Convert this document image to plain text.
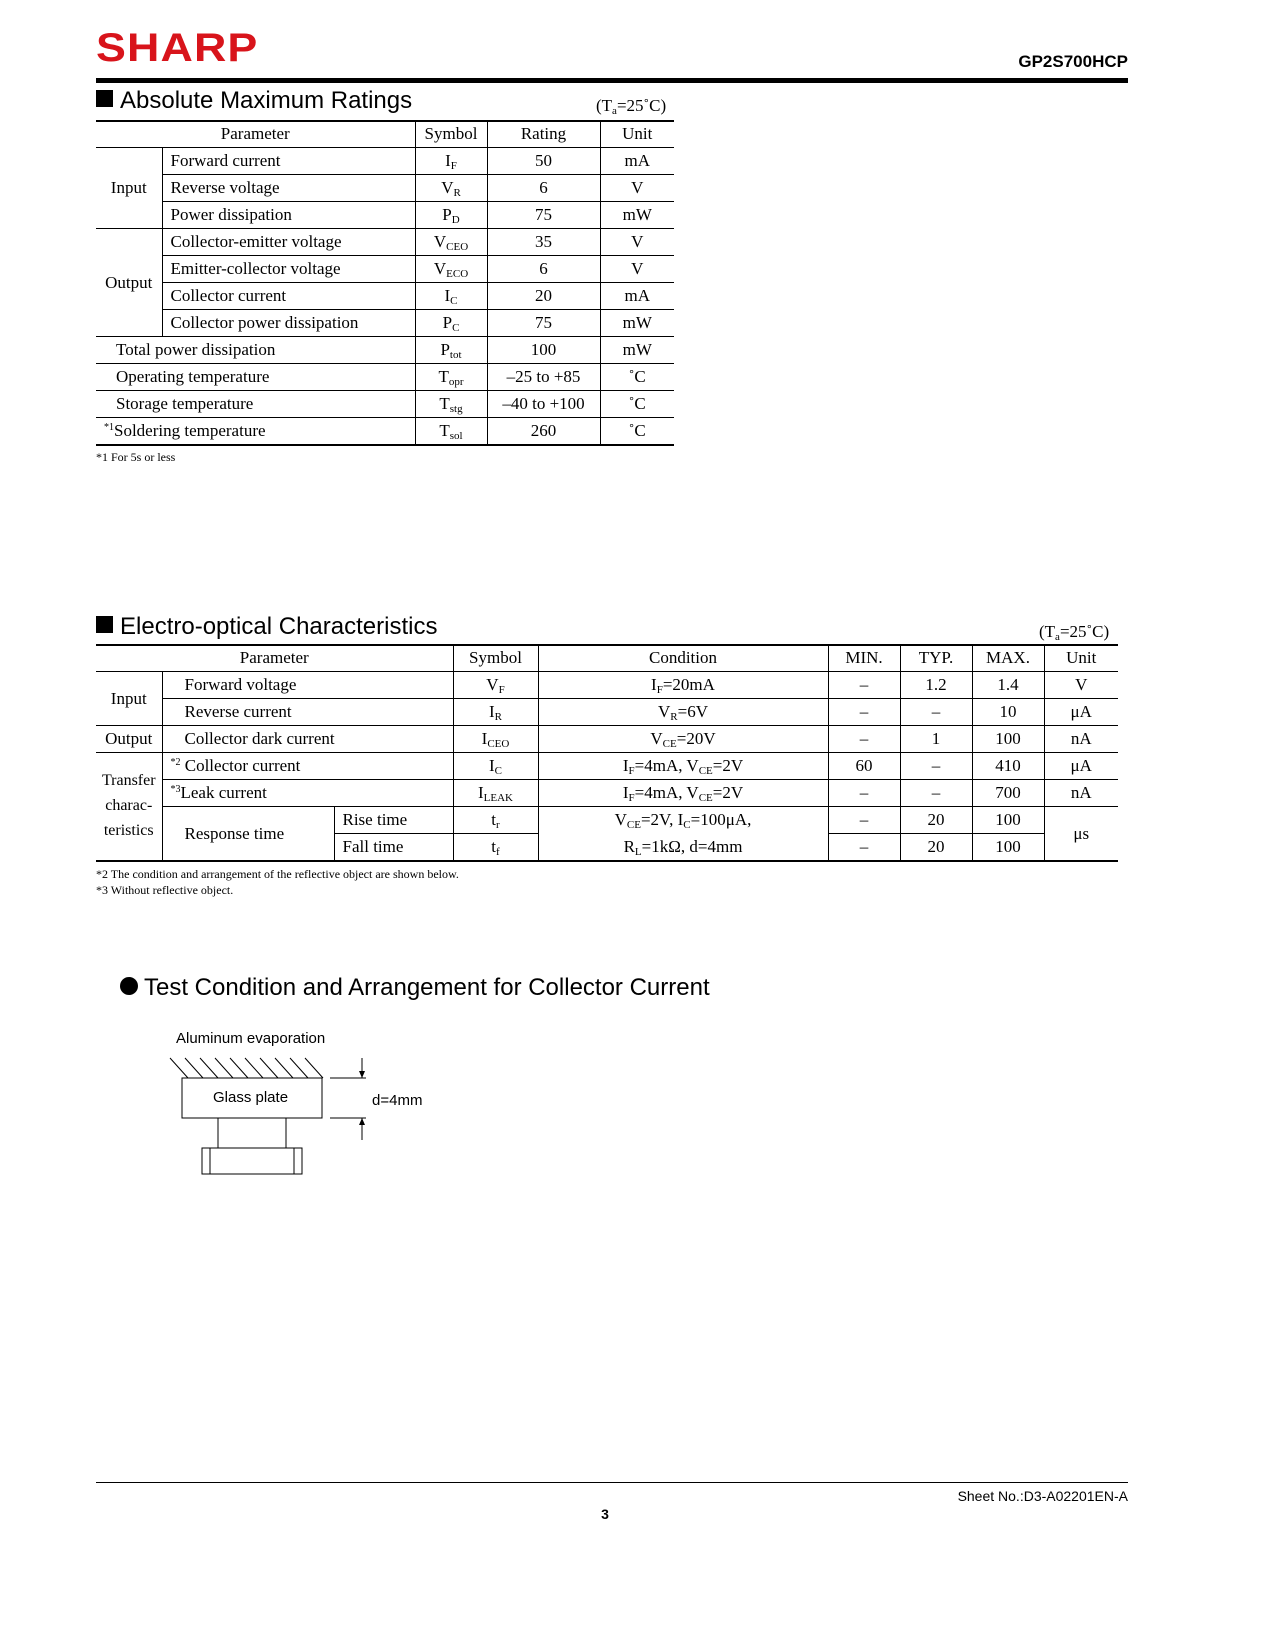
SHARP	GP2S700HCP
Absolute Maximum Ratings	$(T_a=25˚C)$
Parameter		Symbol	Rating	Unit
Input	Forward current	$I_F$	50	mA
	Reverse voltage	$V_R$	6	V
	Power dissipation	$P_D$	75	mW
Output	Collector-emitter voltage	$V_{CEO}$	35	V
	Emitter-collector voltage	$V_{ECO}$	6	V
	Collector current	$I_C$	20	mA
	Collector power dissipation	$P_C$	75	mW
Total power dissipation		$P_{tot}$	100	mW
Operating temperature		$T_{opr}$	–25 to +85	˚C
Storage temperature		$T_{stg}$	–40 to +100	˚C
$^{*1}$Soldering temperature		$T_{sol}$	260	˚C
*1 For 5s or less
Electro-optical Characteristics	$(T_a=25˚C)$
Parameter			Symbol	Condition	MIN.	TYP.	MAX.	Unit
Input	Forward voltage		$V_F$	$I_F=20mA$	–	1.2	1.4	V
	Reverse current		$I_R$	$V_R=6V$	–	–	10	μA
Output	Collector dark current		$I_{CEO}$	$V_{CE}=20V$	–	1	100	nA

Transfer
charac-
teristics	$^{*2}$ Collector current		$I_C$	$I_F=4mA$, $V_{CE}=2V$	60	–	410	μA
	$^{*3}$Leak current		$I_{LEAK}$	$I_F=4mA$, $V_{CE}=2V$	–	–	700	nA
	Response time	Rise time	$t_r$	$V_{CE}=2V$, $I_C=100\mu A$,	–	20	100	μs
		Fall time	$t_f$	$R_L=1k\Omega$, d=4mm	–	20	100	
*2 The condition and arrangement of the reflective object are shown below.
*3 Without reflective object.
Test Condition and Arrangement for Collector Current
Aluminum evaporation
Glass plate	d=4mm
Sheet No.:D3-A02201EN-A
3
